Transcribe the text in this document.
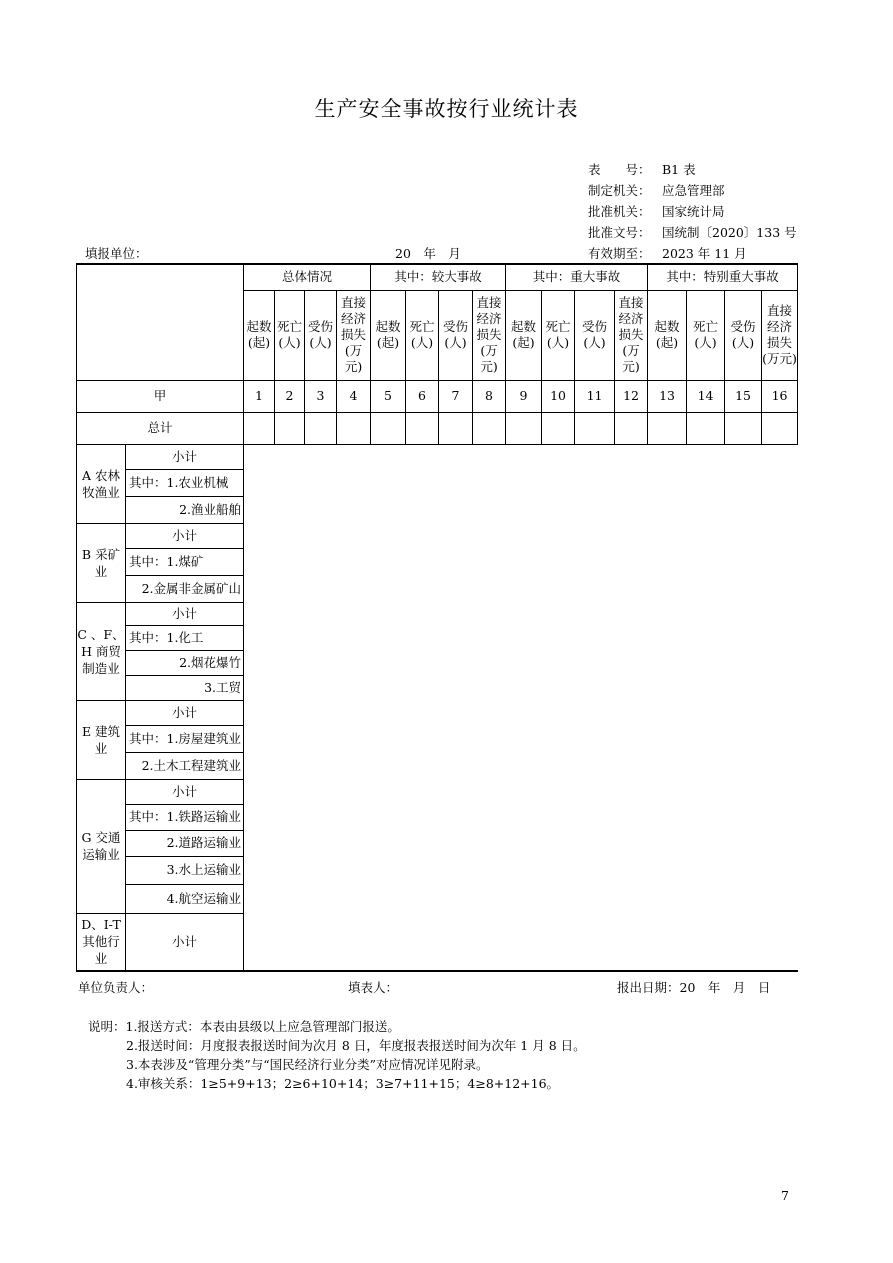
生产安全事故按行业统计表
表　　号： B1 表
制定机关： 应急管理部
批准机关： 国家统计局
批准文号： 国统制〔2020〕133 号
有效期至： 2023 年 11 月
填报单位：	20　年　月
		总体情况				其中：较大事故				其中：重大事故				其中：特别重大事故			
		起数(起)	死亡(人)	受伤(人)	直接经济损失(万元)	起数(起)	死亡(人)	受伤(人)	直接经济损失(万元)	起数(起)	死亡(人)	受伤(人)	直接经济损失(万元)	起数(起)	死亡(人)	受伤(人)	直接经济损失(万元)
甲		1	2	3	4	5	6	7	8	9	10	11	12	13	14	15	16
总计																	
A 农林牧渔业	小计																
	其中：1.农业机械																
	2.渔业船舶																
B 采矿业	小计																
	其中：1.煤矿																
	2.金属非金属矿山																
C 、F、H 商贸制造业	小计																
	其中：1.化工																
	2.烟花爆竹																
	3.工贸																
E 建筑业	小计																
	其中：1.房屋建筑业																
	2.土木工程建筑业																
G 交通运输业	小计																
	其中：1.铁路运输业																
	2.道路运输业																
	3.水上运输业																
	4.航空运输业																
D、I-T 其他行业	小计																
单位负责人：	填表人：	报出日期：20　年　月　日
说明：1.报送方式：本表由县级以上应急管理部门报送。
2.报送时间：月度报表报送时间为次月 8 日，年度报表报送时间为次年 1 月 8 日。
3.本表涉及“管理分类”与“国民经济行业分类”对应情况详见附录。
4.审核关系：1≥5+9+13；2≥6+10+14；3≥7+11+15；4≥8+12+16。
7
